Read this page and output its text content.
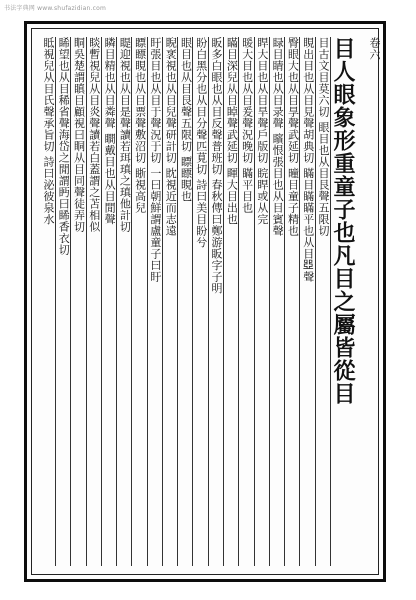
书法字典网 www.shufazidian.com
卷六
目人眼象形重童子也凡目之屬皆從目
目古文目莫六切 眼目也从目艮聲五限切
睍出目也从目見聲胡典切 瞞目瞞瞞平也从目𠁁聲
臀眼大也从目㫗聲武延切 曈目童子精也
睩目睛也从目录聲 矉恨張目也从目賓聲
睅大目也从目旱聲戶版切 睆睅或从完
暖大目也从目爰聲況晚切 瞞平目也
瞞目深兒从目𥇍聲武延切 睴大目出也
眅多白眼也从目反聲普班切 春秋傳曰鄭游眅字子明
盼白黑分也从目分聲匹莧切 詩曰美目盼兮
眼目也从目艮聲五限切 瞟瞟睍也
睨衺視也从目兒聲研計切 眈視近而志遠
盱張目也从目于聲況于切 一曰朝鮮謂盧童子曰盱
瞟瞟睍也从目票聲敷沼切 䀿視高兒
睼迎視也从目是聲讀若珥瑱之瑱他計切
瞵目精也从目粦聲 瞷戴目也从目閒聲
睒暫視兒从目炎聲讀若白蓋謂之苫相似
眮吳楚謂瞋目顧視曰眮从目同聲徒弄切
睎望也从目稀省聲海岱之閒謂眄曰睎香衣切
眡視兒从目氏聲承旨切 詩曰泌彼泉水
